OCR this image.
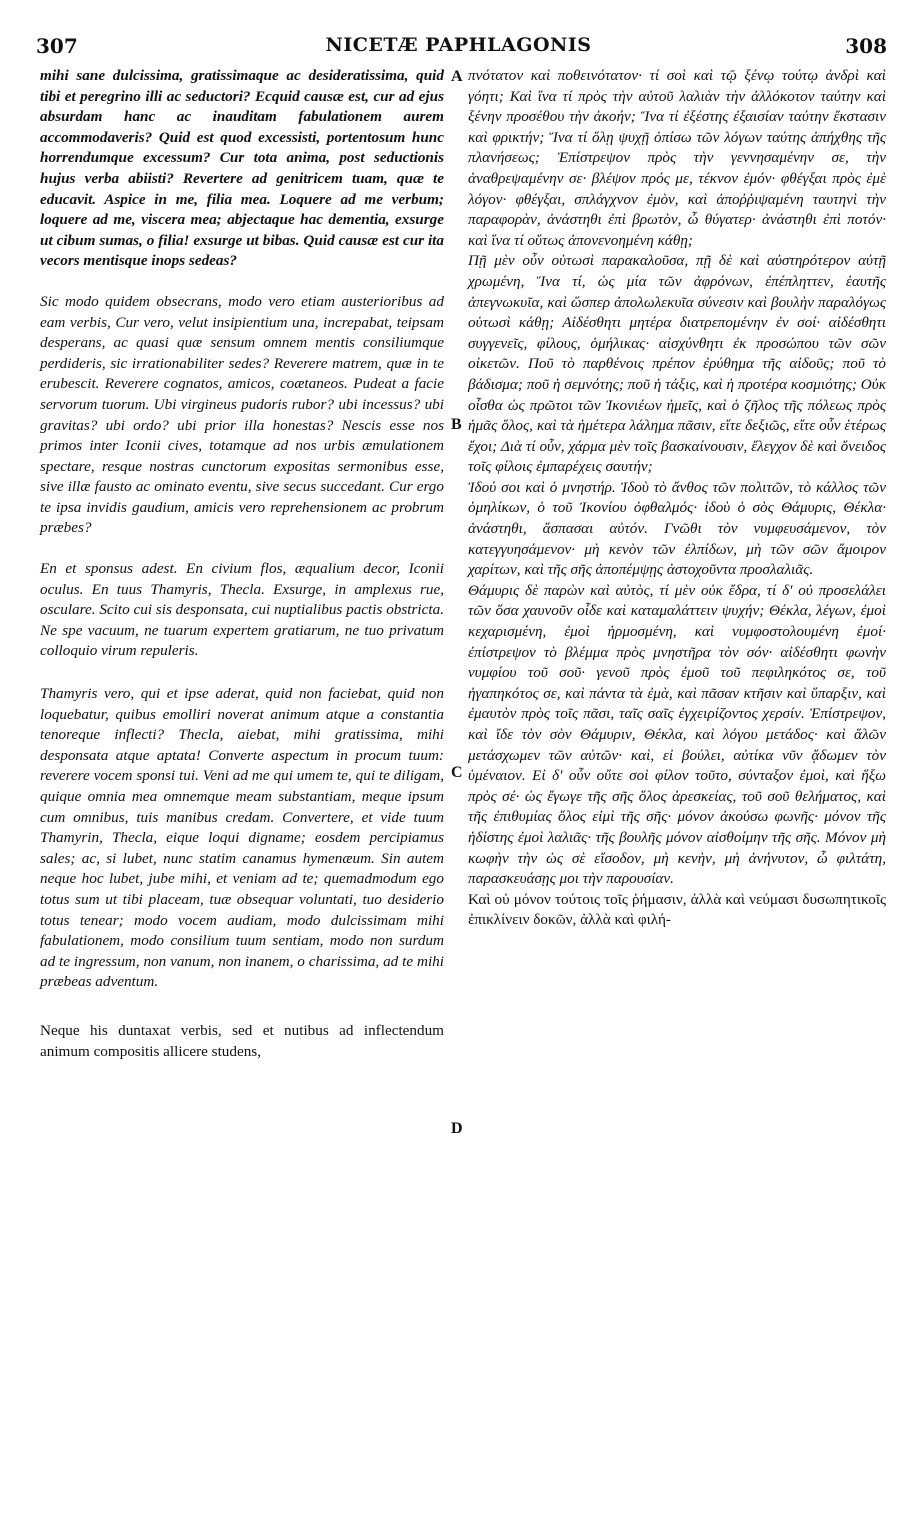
307	NICETÆ PAPHLAGONIS	308
A
B
C
D

mihi sane dulcissima, gratissimaque ac desideratissima, quid tibi et peregrino illi ac seductori? Ecquid causæ est, cur ad ejus absurdam hanc ac inauditam fabulationem aurem accommodaveris? Quid est quod excessisti, portentosum hunc horrendumque excessum? Cur tota anima, post seductionis hujus verba abiisti? Revertere ad genitricem tuam, quæ te educavit. Aspice in me, filia mea. Loquere ad me verbum; loquere ad me, viscera mea; abjectaque hac dementia, exsurge ut cibum sumas, o filia! exsurge ut bibas. Quid causæ est cur ita vecors mentisque inops sedeas?

Sic modo quidem obsecrans, modo vero etiam austerioribus ad eam verbis, Cur vero, velut insipientium una, increpabat, teipsam desperans, ac quasi quæ sensum omnem mentis consiliumque perdideris, sic irrationabiliter sedes? Reverere matrem, quæ in te erubescit. Reverere cognatos, amicos, coætaneos. Pudeat a facie servorum tuorum. Ubi virgineus pudoris rubor? ubi incessus? ubi gravitas? ubi ordo? ubi prior illa honestas? Nescis esse nos primos inter Iconii cives, totamque ad nos urbis æmulationem spectare, resque nostras cunctorum expositas sermonibus esse, sive illæ fausto ac ominato eventu, sive secus succedant. Cur ergo te ipsa invidis gaudium, amicis vero reprehensionem ac probrum præbes?

En et sponsus adest. En civium flos, æqualium decor, Iconii oculus. En tuus Thamyris, Thecla. Exsurge, in amplexus rue, osculare. Scito cui sis desponsata, cui nuptialibus pactis obstricta. Ne spe vacuum, ne tuarum expertem gratiarum, ne tuo privatum colloquio virum repuleris.

Thamyris vero, qui et ipse aderat, quid non faciebat, quid non loquebatur, quibus emolliri noverat animum atque a constantia tenoreque inflecti? Thecla, aiebat, mihi gratissima, mihi desponsata atque aptata! Converte aspectum in procum tuum: reverere vocem sponsi tui. Veni ad me qui umem te, qui te diligam, quique omnia mea omnemque meam substantiam, meque ipsum cum omnibus, tuis manibus credam. Convertere, et vide tuum Thamyrin, Thecla, eique loqui digname; eosdem percipiamus sales; ac, si lubet, nunc statim canamus hymenæum. Sin autem neque hoc lubet, jube mihi, et veniam ad te; quemadmodum ego totus sum ut tibi placeam, tuæ obsequar voluntati, tuo desiderio totus tenear; modo vocem audiam, modo dulcissimam mihi fabulationem, modo consilium tuum sentiam, modo non surdum ad te ingressum, non vanum, non inanem, o charissima, ad te mihi præbeas adventum.

Neque his duntaxat verbis, sed et nutibus ad inflectendum animum compositis allicere studens,

πνότατον καὶ ποθεινότατον· τί σοὶ καὶ τῷ ξένῳ τούτῳ ἀνδρὶ καὶ γόητι; Καὶ ἵνα τί πρὸς τὴν αὐτοῦ λαλιὰν τὴν ἀλλόκοτον ταύτην καὶ ξένην προσέθου τὴν ἀκοήν; Ἵνα τί ἐξέστης ἐξαισίαν ταύτην ἔκστασιν καὶ φρικτήν; Ἵνα τί ὅλῃ ψυχῇ ὀπίσω τῶν λόγων ταύτης ἀπήχθης τῆς πλανήσεως; Ἐπίστρεψον πρὸς τὴν γεννησαμένην σε, τὴν ἀναθρεψαμένην σε· βλέψον πρός με, τέκνον ἐμόν· φθέγξαι πρὸς ἐμὲ λόγον· φθέγξαι, σπλάγχνον ἐμὸν, καὶ ἀποῤῥιψαμένη ταυτηνὶ τὴν παραφορὰν, ἀνάστηθι ἐπὶ βρωτὸν, ὦ θύγατερ· ἀνάστηθι ἐπὶ ποτόν· καὶ ἵνα τί οὕτως ἀπονενοημένη κάθῃ;

Πῇ μὲν οὖν οὑτωσὶ παρακαλοῦσα, πῇ δὲ καὶ αὐστηρότερον αὐτῇ χρωμένη, Ἵνα τί, ὡς μία τῶν ἀφρόνων, ἐπέπληττεν, ἑαυτῆς ἀπεγνωκυῖα, καὶ ὥσπερ ἀπολωλεκυῖα σύνεσιν καὶ βουλὴν παραλόγως οὑτωσὶ κάθῃ; Αἰδέσθητι μητέρα διατρεπομένην ἐν σοί· αἰδέσθητι συγγενεῖς, φίλους, ὁμήλικας· αἰσχύνθητι ἐκ προσώπου τῶν σῶν οἰκετῶν. Ποῦ τὸ παρθένοις πρέπον ἐρύθημα τῆς αἰδοῦς; ποῦ τὸ βάδισμα; ποῦ ἡ σεμνότης; ποῦ ἡ τάξις, καὶ ἡ προτέρα κοσμιότης; Οὐκ οἶσθα ὡς πρῶτοι τῶν Ἰκονιέων ἡμεῖς, καὶ ὁ ζῆλος τῆς πόλεως πρὸς ἡμᾶς ὅλος, καὶ τὰ ἡμέτερα λάλημα πᾶσιν, εἴτε δεξιῶς, εἴτε οὖν ἑτέρως ἔχοι; Διὰ τί οὖν, χάρμα μὲν τοῖς βασκαίνουσιν, ἔλεγχον δὲ καὶ ὄνειδος τοῖς φίλοις ἐμπαρέχεις σαυτήν;

Ἰδού σοι καὶ ὁ μνηστήρ. Ἰδοὺ τὸ ἄνθος τῶν πολιτῶν, τὸ κάλλος τῶν ὁμηλίκων, ὁ τοῦ Ἰκονίου ὀφθαλμός· ἰδοὺ ὁ σὸς Θάμυρις, Θέκλα· ἀνάστηθι, ἄσπασαι αὐτόν. Γνῶθι τὸν νυμφευσάμενον, τὸν κατεγγυησάμενον· μὴ κενὸν τῶν ἐλπίδων, μὴ τῶν σῶν ἄμοιρον χαρίτων, καὶ τῆς σῆς ἀποπέμψῃς ἀστοχοῦντα προσλαλιᾶς.

Θάμυρις δὲ παρὼν καὶ αὐτὸς, τί μὲν οὐκ ἔδρα, τί δ' οὐ προσελάλει τῶν ὅσα χαυνοῦν οἶδε καὶ καταμαλάττειν ψυχήν; Θέκλα, λέγων, ἐμοὶ κεχαρισμένη, ἐμοὶ ἡρμοσμένη, καὶ νυμφοστολουμένη ἐμοί· ἐπίστρεψον τὸ βλέμμα πρὸς μνηστῆρα τὸν σόν· αἰδέσθητι φωνὴν νυμφίου τοῦ σοῦ· γενοῦ πρὸς ἐμοῦ τοῦ πεφιληκότος σε, τοῦ ἠγαπηκότος σε, καὶ πάντα τὰ ἐμὰ, καὶ πᾶσαν κτῆσιν καὶ ὕπαρξιν, καὶ ἐμαυτὸν πρὸς τοῖς πᾶσι, ταῖς σαῖς ἐγχειρίζοντος χερσίν. Ἐπίστρεψον, καὶ ἴδε τὸν σὸν Θάμυριν, Θέκλα, καὶ λόγου μετάδος· καὶ ἅλῶν μετάσχωμεν τῶν αὐτῶν· καὶ, εἰ βούλει, αὐτίκα νῦν ᾄδωμεν τὸν ὑμέναιον. Εἰ δ' οὖν οὔτε σοὶ φίλον τοῦτο, σύνταξον ἐμοὶ, καὶ ἥξω πρὸς σέ· ὡς ἔγωγε τῆς σῆς ὅλος ἀρεσκείας, τοῦ σοῦ θελήματος, καὶ τῆς ἐπιθυμίας ὅλος εἰμὶ τῆς σῆς· μόνον ἀκούσω φωνῆς· μόνον τῆς ἡδίστης ἐμοὶ λαλιᾶς· τῆς βουλῆς μόνον αἰσθοίμην τῆς σῆς. Μόνον μὴ κωφὴν τὴν ὡς σὲ εἴσοδον, μὴ κενὴν, μὴ ἀνήνυτον, ὦ φιλτάτη, παρασκευάσῃς μοι τὴν παρουσίαν.

Καὶ οὐ μόνον τούτοις τοῖς ῥήμασιν, ἀλλὰ καὶ νεύμασι δυσωπητικοῖς ἐπικλίνειν δοκῶν, ἀλλὰ καὶ φιλή-
